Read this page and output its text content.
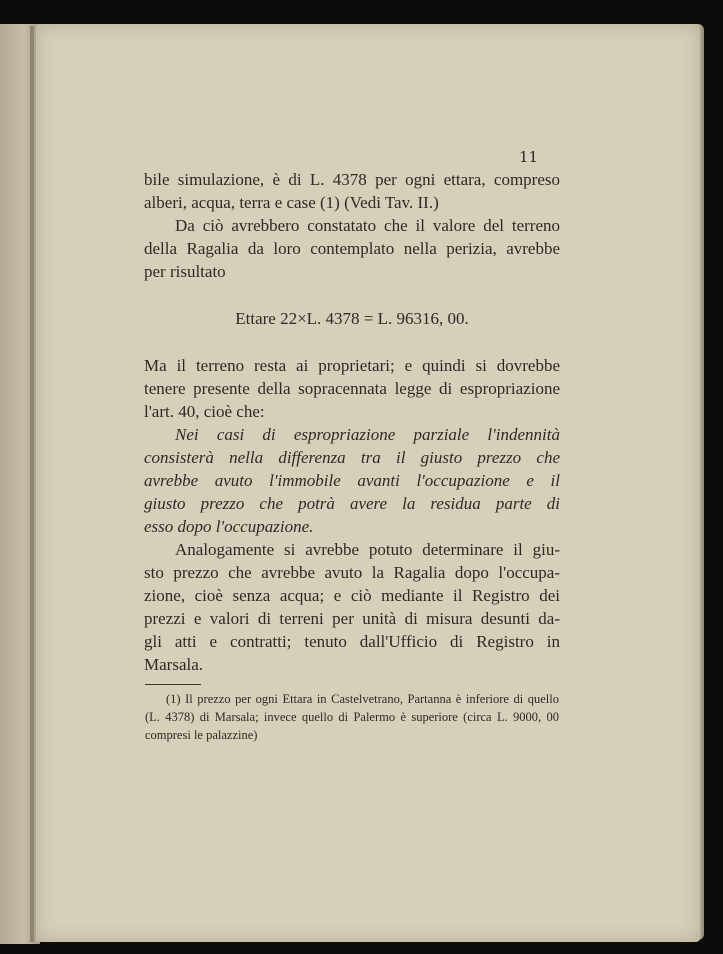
11
bile simulazione, è di L. 4378 per ogni ettara, compreso
alberi, acqua, terra e case (1) (Vedi Tav. II.)
Da ciò avrebbero constatato che il valore del terreno
della Ragalia da loro contemplato nella perizia, avrebbe
per risultato
Ettare 22×L. 4378 = L. 96316, 00.
Ma il terreno resta ai proprietari; e quindi si dovrebbe
tenere presente della sopracennata legge di espropriazione
l'art. 40, cioè che:
Nei casi di espropriazione parziale l'indennità
consisterà nella differenza tra il giusto prezzo che
avrebbe avuto l'immobile avanti l'occupazione e il
giusto prezzo che potrà avere la residua parte di
esso dopo l'occupazione.
Analogamente si avrebbe potuto determinare il giu-
sto prezzo che avrebbe avuto la Ragalia dopo l'occupa-
zione, cioè senza acqua; e ciò mediante il Registro dei
prezzi e valori di terreni per unità di misura desunti da-
gli atti e contratti; tenuto dall'Ufficio di Registro in
Marsala.
(1) Il prezzo per ogni Ettara in Castelvetrano, Partanna è inferiore di quello
(L. 4378) di Marsala; invece quello di Palermo è superiore (circa L. 9000, 00
compresi le palazzine)
